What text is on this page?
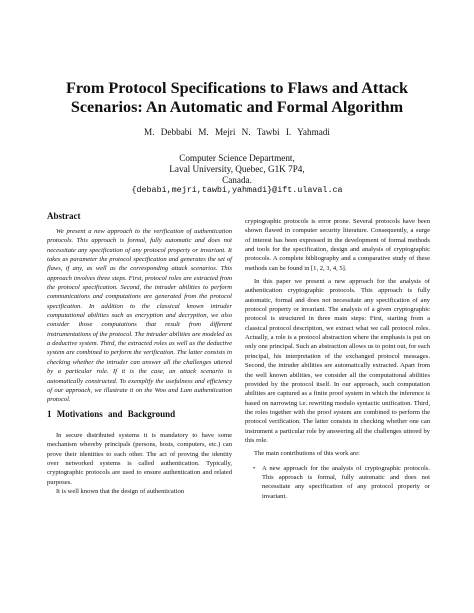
From Protocol Specifications to Flaws and Attack
Scenarios: An Automatic and Formal Algorithm
M. Debbabi M. Mejri N. Tawbi I. Yahmadi
Computer Science Department,
Laval University, Quebec, G1K 7P4,
Canada.
{debabi,mejri,tawbi,yahmadi}@ift.ulaval.ca
Abstract

We present a new approach to the verification of authentication protocols. This approach is formal, fully automatic and does not necessitate any specification of any protocol property or invariant. It takes as parameter the protocol specification and generates the set of flaws, if any, as well as the corresponding attack scenarios. This approach involves three steps. First, protocol roles are extracted from the protocol specification. Second, the intruder abilities to perform communications and computations are generated from the protocol specification. In addition to the classical known intruder computational abilities such as encryption and decryption, we also consider those computations that result from different instrumentations of the protocol. The intruder abilities are modeled as a deductive system. Third, the extracted roles as well as the deductive system are combined to perform the verification. The latter consists in checking whether the intruder can answer all the challenges uttered by a particular role. If it is the case, an attack scenario is automatically constructed. To exemplify the usefulness and efficiency of our approach, we illustrate it on the Woo and Lam authentication protocol.

1 Motivations and Background

In secure distributed systems it is mandatory to have some mechanism whereby principals (persons, hosts, computers, etc.) can prove their identities to each other. The act of proving the identity over networked systems is called authentication. Typically, cryptographic protocols are used to ensure authentication and related purposes.

It is well known that the design of authentication

cryptographic protocols is error prone. Several protocols have been shown flawed in computer security literature. Consequently, a surge of interest has been expressed in the development of formal methods and tools for the specification, design and analysis of cryptographic protocols. A complete bibliography and a comparative study of these methods can be found in [1, 2, 3, 4, 5].

In this paper we present a new approach for the analysis of authentication cryptographic protocols. This approach is fully automatic, formal and does not necessitate any specification of any protocol property or invariant. The analysis of a given cryptographic protocol is structured in three main steps: First, starting from a classical protocol description, we extract what we call protocol roles. Actually, a role is a protocol abstraction where the emphasis is put on only one principal. Such an abstraction allows us to point out, for each principal, his interpretation of the exchanged protocol messages. Second, the intruder abilities are automatically extracted. Apart from the well known abilities, we consider all the computational abilities provided by the protocol itself. In our approach, such computation abilities are captured as a finite proof system in which the inference is based on narrowing i.e. rewriting modulo syntactic unification. Third, the roles together with the proof system are combined to perform the protocol verification. The latter consists in checking whether one can instrument a particular role by answering all the challenges uttered by this role.

The main contributions of this work are:

• A new approach for the analysis of cryptographic protocols. This approach is formal, fully automatic and does not necessitate any specification of any protocol property or invariant.
